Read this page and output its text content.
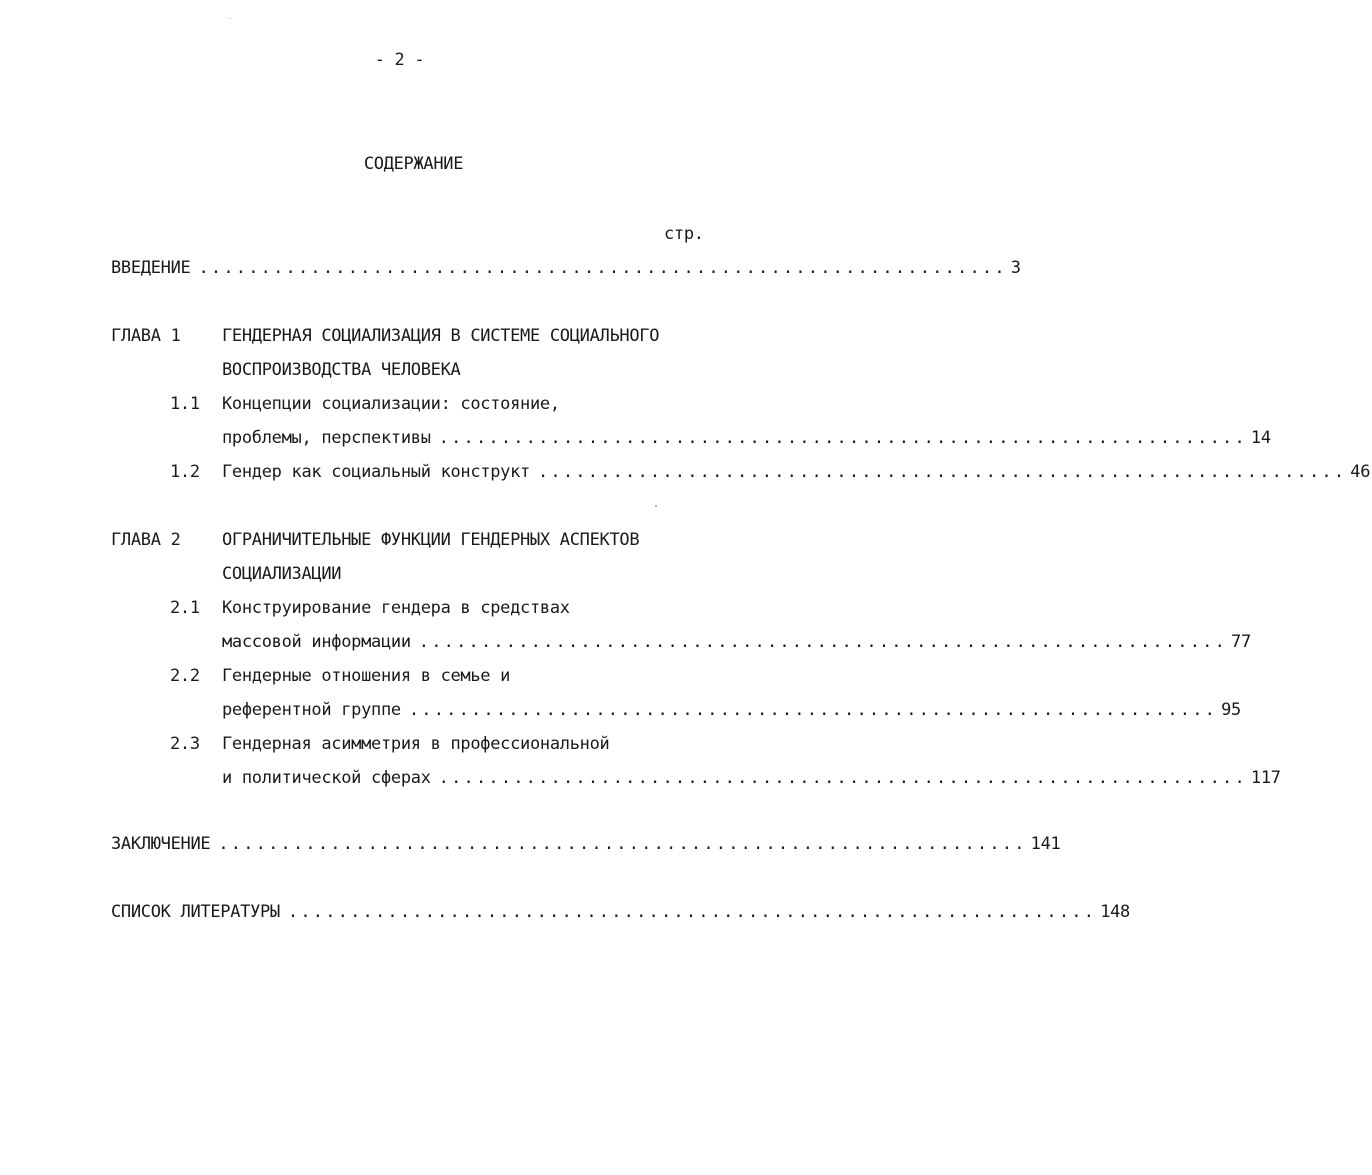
- 2 -
СОДЕРЖАНИЕ
стр.
ВВЕДЕНИЕ ................................................................. 3
ГЛАВА 1 ГЕНДЕРНАЯ СОЦИАЛИЗАЦИЯ В СИСТЕМЕ СОЦИАЛЬНОГО
ВОСПРОИЗВОДСТВА ЧЕЛОВЕКА
1.1 Концепции социализации: состояние,
проблемы, перспективы ................................................................. 14
1.2 Гендер как социальный конструкт ................................................................. 46
ГЛАВА 2 ОГРАНИЧИТЕЛЬНЫЕ ФУНКЦИИ ГЕНДЕРНЫХ АСПЕКТОВ
СОЦИАЛИЗАЦИИ
2.1 Конструирование гендера в средствах
массовой информации ................................................................. 77
2.2 Гендерные отношения в семье и
референтной группе ................................................................. 95
2.3 Гендерная асимметрия в профессиональной
и политической сферах ................................................................. 117
ЗАКЛЮЧЕНИЕ ................................................................. 141
СПИСОК ЛИТЕРАТУРЫ ................................................................. 148
